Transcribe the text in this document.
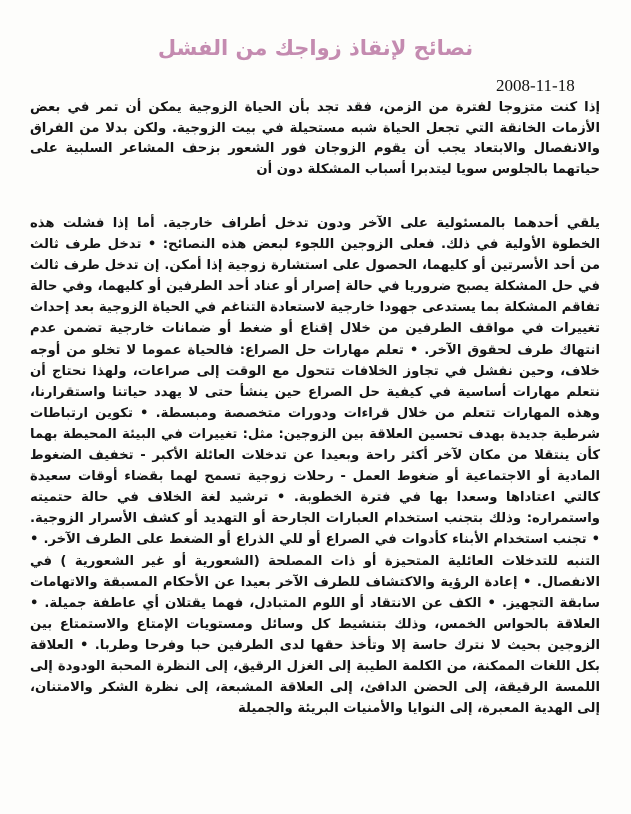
نصائح لإنقاذ زواجك من الفشل
2008-11-18
إذا كنت متزوجا لفترة من الزمن، فقد تجد بأن الحياة الزوجية يمكن أن تمر في بعض الأزمات الخانقة التي تجعل الحياة شبه مستحيلة في بيت الزوجية. ولكن بدلا من الفراق والانفصال والابتعاد يجب أن يقوم الزوجان فور الشعور بزحف المشاعر السلبية على حياتهما بالجلوس سويا ليتدبرا أسباب المشكلة دون أن
يلقي أحدهما بالمسئولية على الآخر ودون تدخل أطراف خارجية. أما إذا فشلت هذه الخطوة الأولية في ذلك. فعلى الزوجين اللجوء لبعض هذه النصائح: • تدخل طرف ثالث من أحد الأسرتين أو كليهما، الحصول على استشارة زوجية إذا أمكن. إن تدخل طرف ثالث في حل المشكلة يصبح ضروريا في حالة إصرار أو عناد أحد الطرفين أو كليهما، وفي حالة تفاقم المشكلة بما يستدعى جهودا خارجية لاستعادة التناغم في الحياة الزوجية بعد إحداث تغييرات في مواقف الطرفين من خلال إقناع أو ضغط أو ضمانات خارجية تضمن عدم انتهاك طرف لحقوق الآخر. • تعلم مهارات حل الصراع: فالحياة عموما لا تخلو من أوجه خلاف، وحين نفشل في تجاوز الخلافات تتحول مع الوقت إلى صراعات، ولهذا نحتاج أن نتعلم مهارات أساسية في كيفية حل الصراع حين ينشأ حتى لا يهدد حياتنا واستقرارنا، وهذه المهارات تتعلم من خلال قراءات ودورات متخصصة ومبسطة. • تكوين ارتباطات شرطية جديدة بهدف تحسين العلاقة بين الزوجين: مثل: تغييرات في البيئة المحيطة بهما كأن ينتقلا من مكان لآخر أكثر راحة وبعيدا عن تدخلات العائلة الأكبر - تخفيف الضغوط المادية أو الاجتماعية أو ضغوط العمل - رحلات زوجية تسمح لهما بقضاء أوقات سعيدة كالتي اعتاداها وسعدا بها في فترة الخطوبة. • ترشيد لغة الخلاف في حالة حتميته واستمراره: وذلك بتجنب استخدام العبارات الجارحة أو التهديد أو كشف الأسرار الزوجية. • تجنب استخدام الأبناء كأدوات في الصراع أو للي الذراع أو الضغط على الطرف الآخر. • التنبه للتدخلات العائلية المتحيزة أو ذات المصلحة (الشعورية أو غير الشعورية ) في الانفصال. • إعادة الرؤية والاكتشاف للطرف الآخر بعيدا عن الأحكام المسبقة والاتهامات سابقة التجهيز. • الكف عن الانتقاد أو اللوم المتبادل، فهما يقتلان أي عاطفة جميلة. • العلاقة بالحواس الخمس، وذلك بتنشيط كل وسائل ومستويات الإمتاع والاستمتاع بين الزوجين بحيث لا نترك حاسة إلا وتأخذ حقها لدى الطرفين حبا وفرحا وطربا. • العلاقة بكل اللغات الممكنة، من الكلمة الطيبة إلى الغزل الرقيق، إلى النظرة المحبة الودودة إلى اللمسة الرقيقة، إلى الحضن الدافئ، إلى العلاقة المشبعة، إلى نظرة الشكر والامتنان، إلى الهدية المعبرة، إلى النوايا والأمنيات البريئة والجميلة
